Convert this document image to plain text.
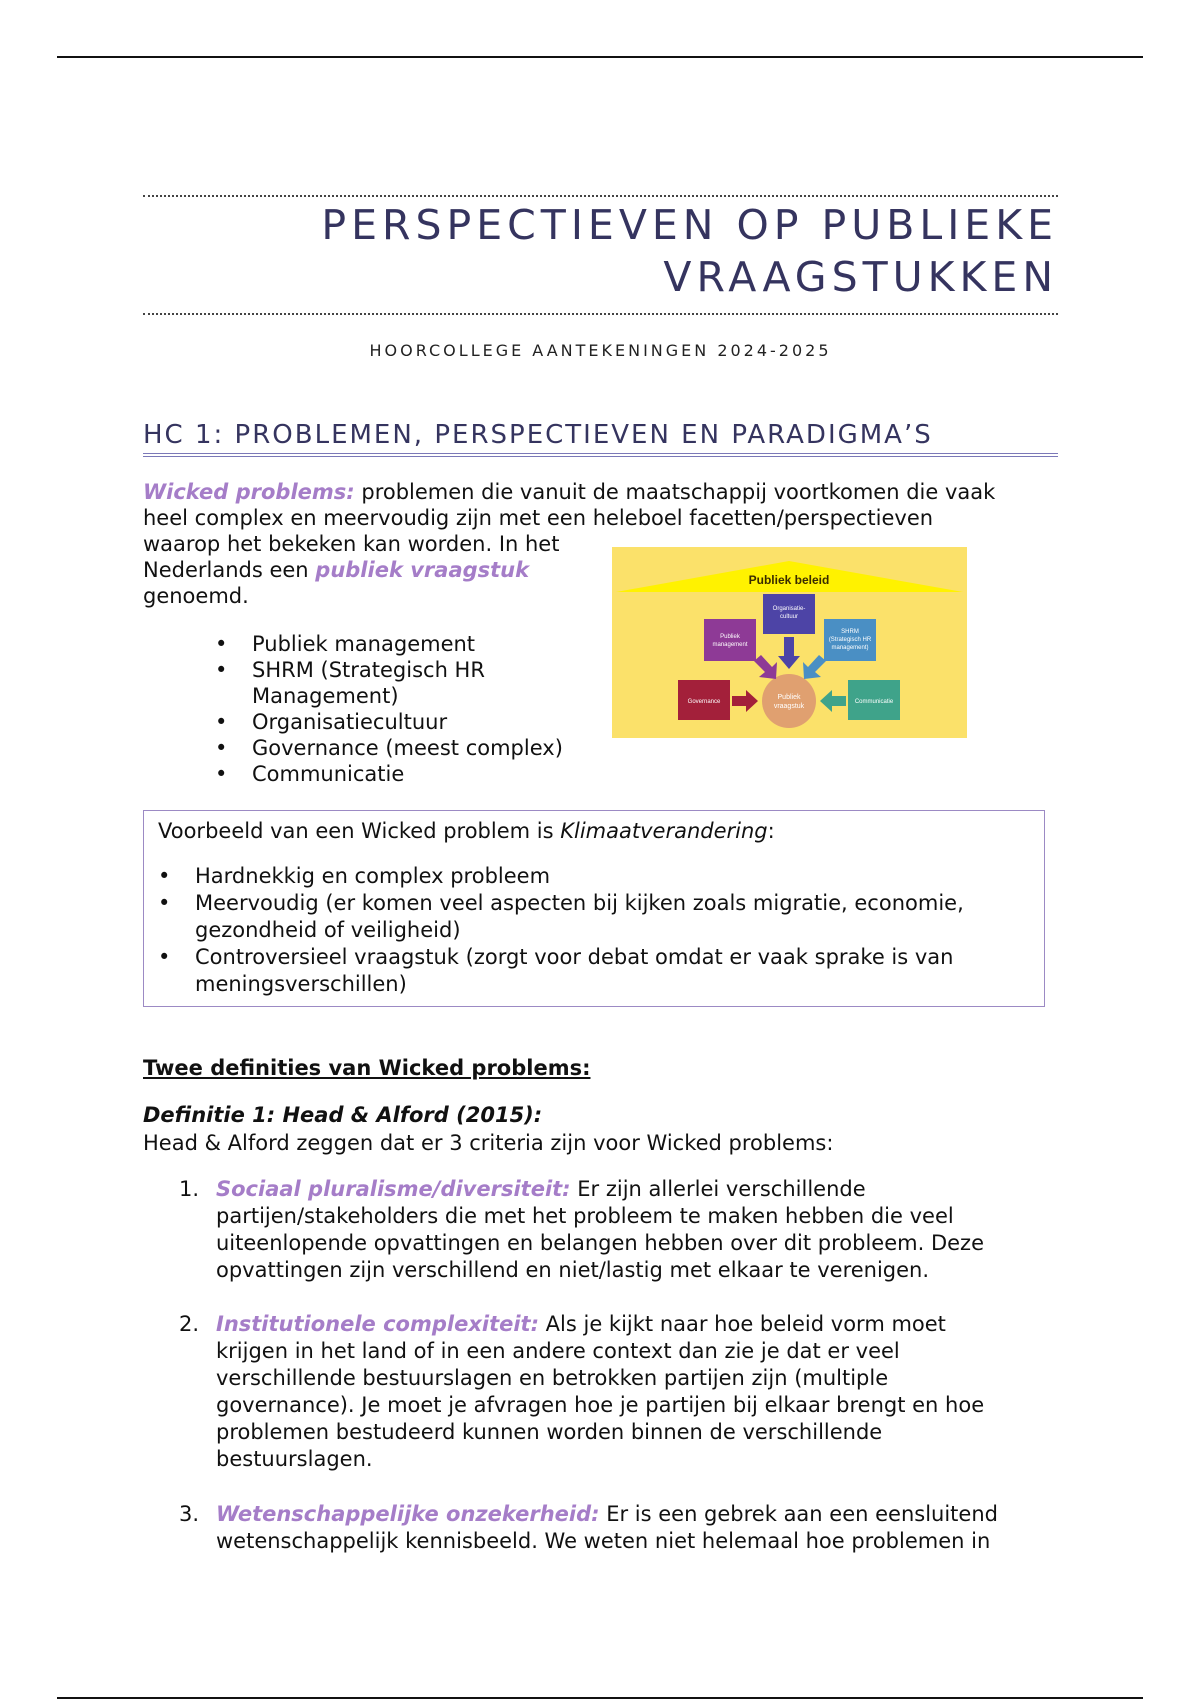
PERSPECTIEVEN OP PUBLIEKE
VRAAGSTUKKEN
HOORCOLLEGE AANTEKENINGEN 2024-2025
HC 1: PROBLEMEN, PERSPECTIEVEN EN PARADIGMA’S
Wicked problems: problemen die vanuit de maatschappij voortkomen die vaak
heel complex en meervoudig zijn met een heleboel facetten/perspectieven
waarop het bekeken kan worden. In het
Nederlands een publiek vraagstuk
genoemd.
• Publiek management
• SHRM (Strategisch HR
Management)
• Organisatiecultuur
• Governance (meest complex)
• Communicatie
Publiek beleid
Organisatie-
cultuur
Publiek
management
SHRM
(Strategisch HR
management)
Governance	Communicatie
Publiek
vraagstuk
Voorbeeld van een Wicked problem is Klimaatverandering:
• Hardnekkig en complex probleem
• Meervoudig (er komen veel aspecten bij kijken zoals migratie, economie,
gezondheid of veiligheid)
• Controversieel vraagstuk (zorgt voor debat omdat er vaak sprake is van
meningsverschillen)
Twee definities van Wicked problems:
Definitie 1: Head & Alford (2015):
Head & Alford zeggen dat er 3 criteria zijn voor Wicked problems:
1. Sociaal pluralisme/diversiteit: Er zijn allerlei verschillende
partijen/stakeholders die met het probleem te maken hebben die veel
uiteenlopende opvattingen en belangen hebben over dit probleem. Deze
opvattingen zijn verschillend en niet/lastig met elkaar te verenigen.
2. Institutionele complexiteit: Als je kijkt naar hoe beleid vorm moet
krijgen in het land of in een andere context dan zie je dat er veel
verschillende bestuurslagen en betrokken partijen zijn (multiple
governance). Je moet je afvragen hoe je partijen bij elkaar brengt en hoe
problemen bestudeerd kunnen worden binnen de verschillende
bestuurslagen.
3. Wetenschappelijke onzekerheid: Er is een gebrek aan een eensluitend
wetenschappelijk kennisbeeld. We weten niet helemaal hoe problemen in
